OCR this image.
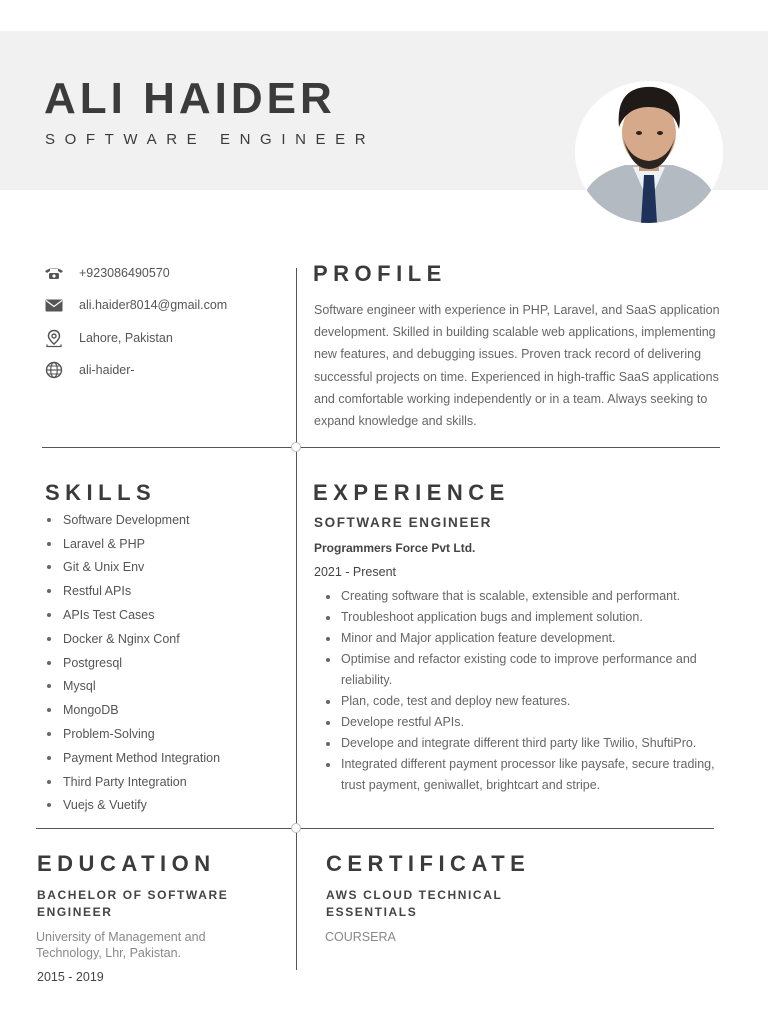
ALI HAIDER
SOFTWARE ENGINEER
+923086490570
ali.haider8014@gmail.com
Lahore, Pakistan
ali-haider-
PROFILE
Software engineer with experience in PHP, Laravel, and SaaS application development. Skilled in building scalable web applications, implementing new features, and debugging issues. Proven track record of delivering successful projects on time. Experienced in high-traffic SaaS applications and comfortable working independently or in a team. Always seeking to expand knowledge and skills.
SKILLS
Software Development
Laravel & PHP
Git & Unix Env
Restful APIs
APIs Test Cases
Docker & Nginx Conf
Postgresql
Mysql
MongoDB
Problem-Solving
Payment Method Integration
Third Party Integration
Vuejs & Vuetify
EXPERIENCE
SOFTWARE ENGINEER
Programmers Force Pvt Ltd.
2021 - Present
Creating software that is scalable, extensible and performant.
Troubleshoot application bugs and implement solution.
Minor and Major application feature development.
Optimise and refactor existing code to improve performance and reliability.
Plan, code, test and deploy new features.
Develope restful APIs.
Develope and integrate different third party like Twilio, ShuftiPro.
Integrated different payment processor like paysafe, secure trading, trust payment, geniwallet, brightcart and stripe.
EDUCATION
BACHELOR OF SOFTWARE ENGINEER
University of Management and Technology, Lhr, Pakistan.
2015 - 2019
CERTIFICATE
AWS CLOUD TECHNICAL ESSENTIALS
COURSERA
